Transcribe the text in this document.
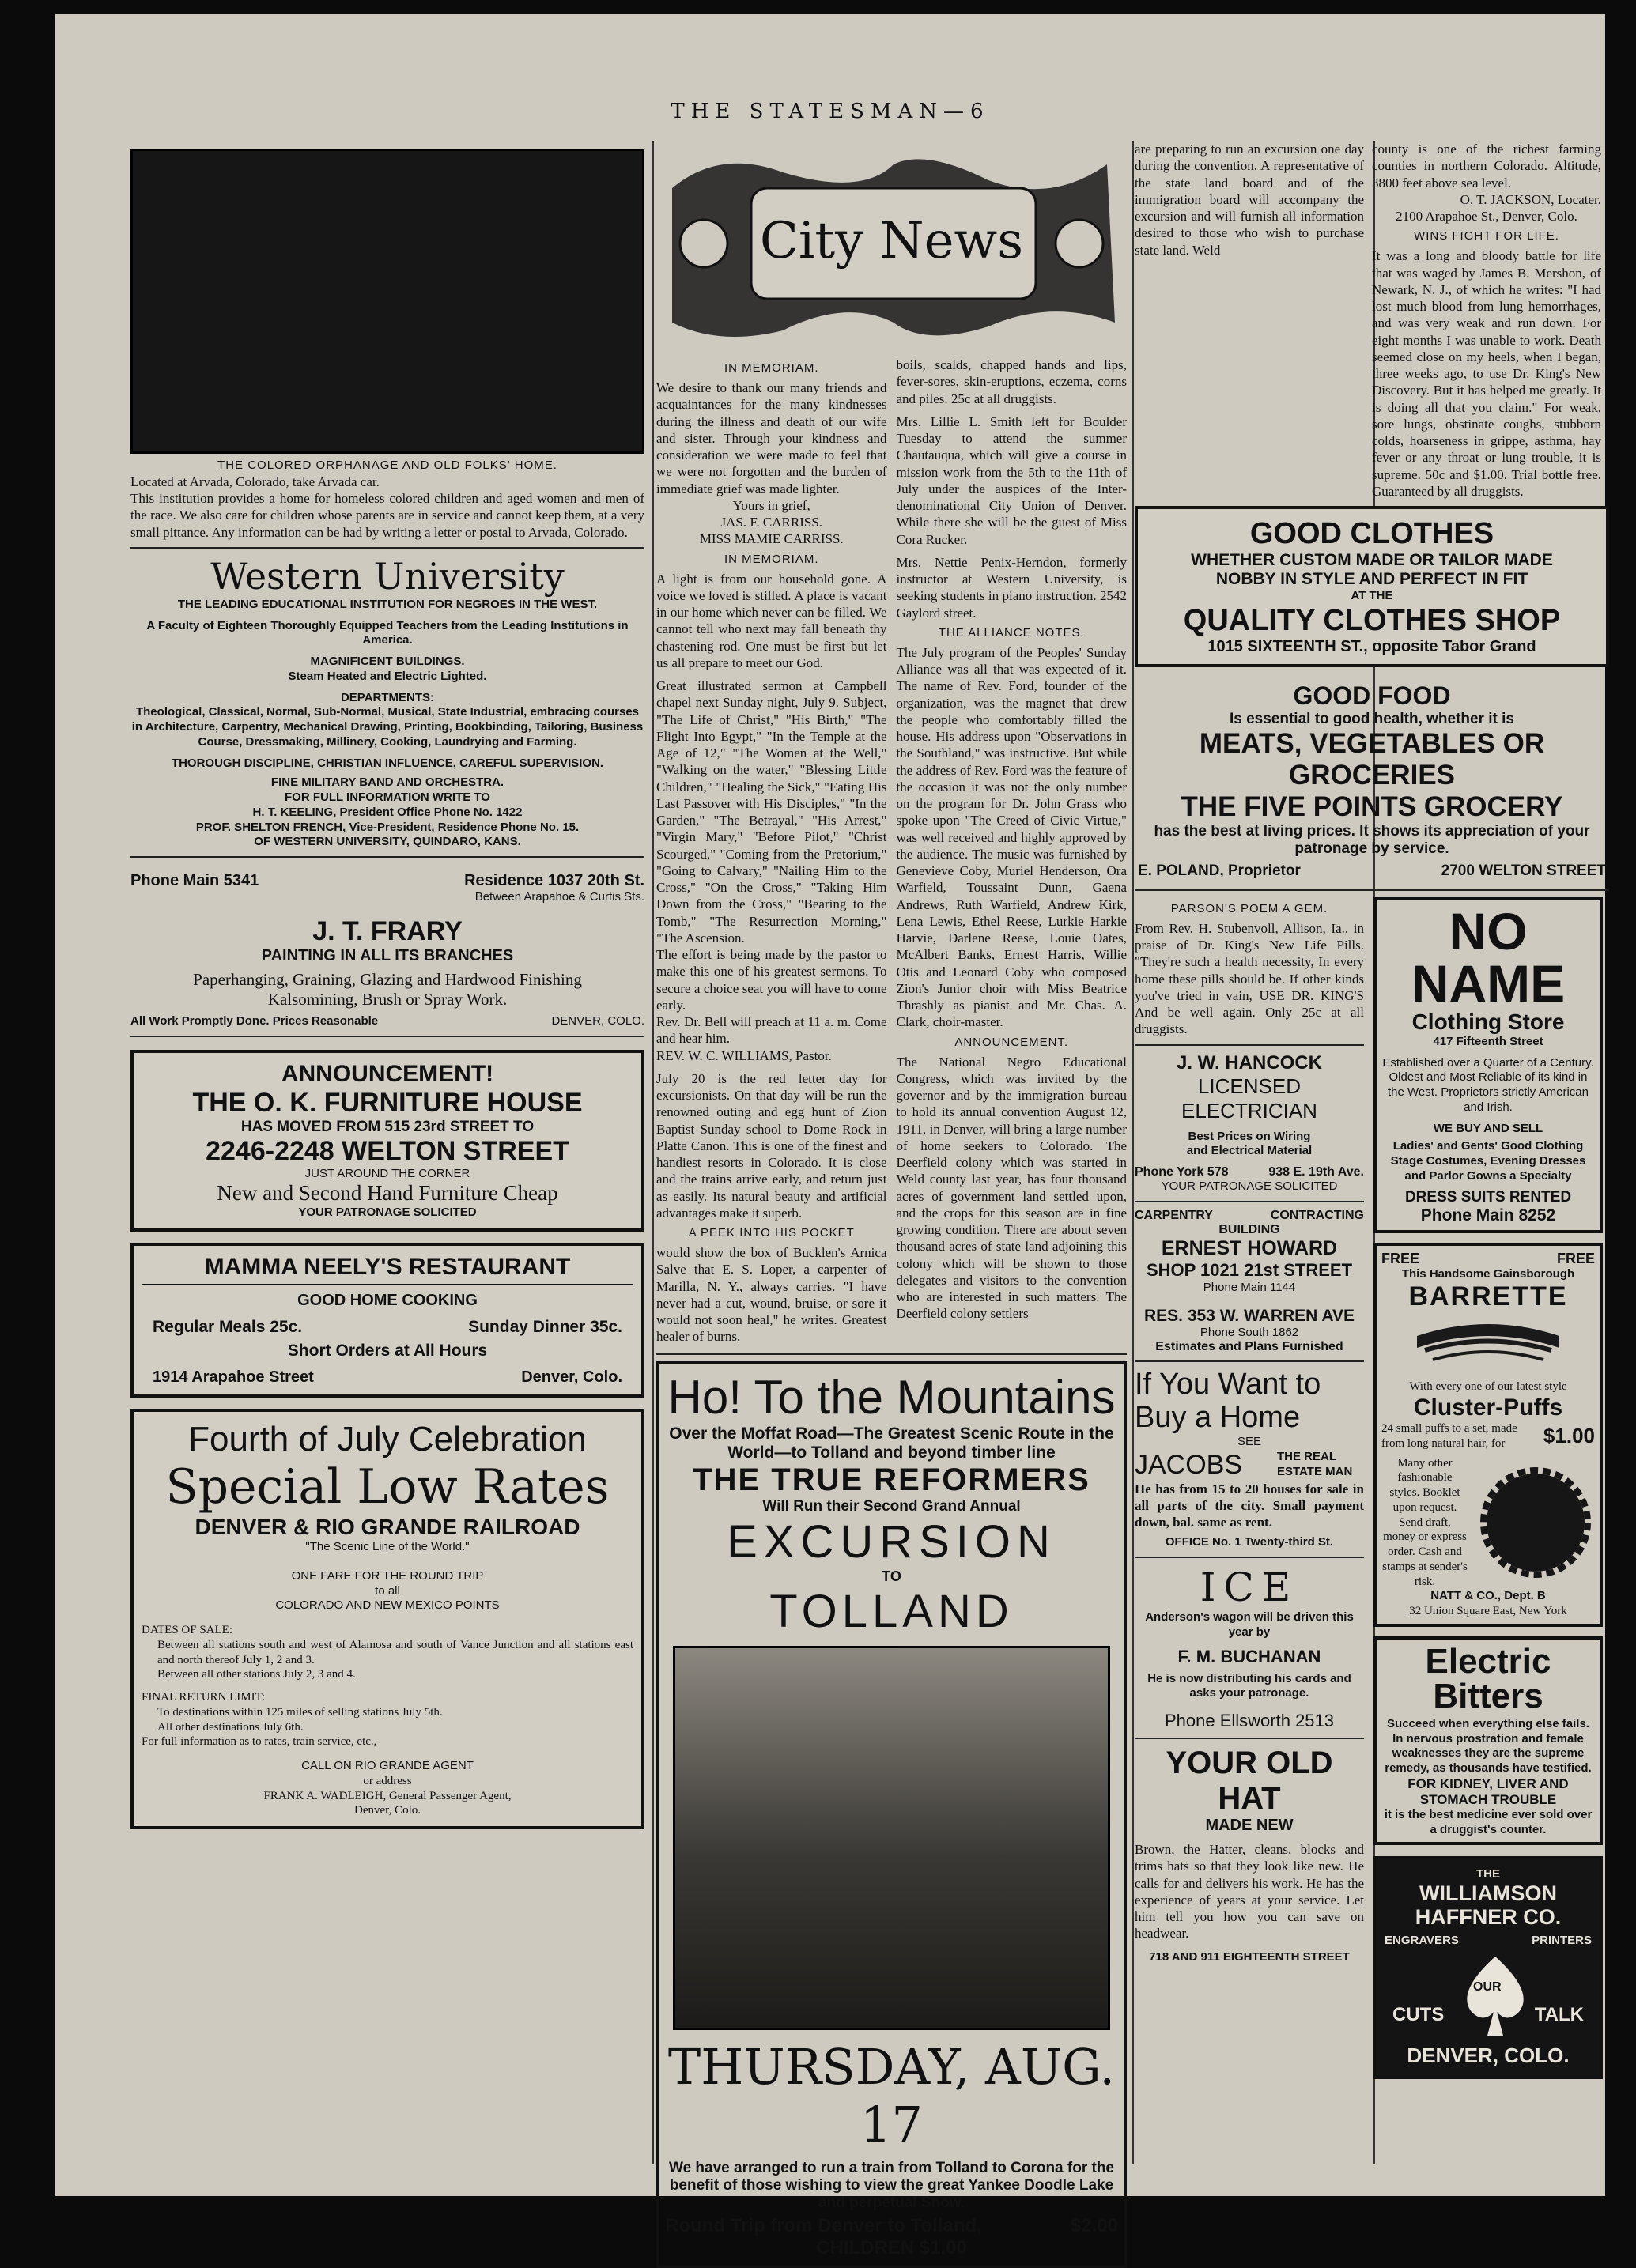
THE STATESMAN—6
THE COLORED ORPHANAGE AND OLD FOLKS' HOME.
Located at Arvada, Colorado, take Arvada car.
This institution provides a home for homeless colored children and aged women and men of the race. We also care for children whose parents are in service and cannot keep them, at a very small pittance. Any information can be had by writing a letter or postal to Arvada, Colorado.
Western University
THE LEADING EDUCATIONAL INSTITUTION FOR NEGROES IN THE WEST.
A Faculty of Eighteen Thoroughly Equipped Teachers from the Leading Institutions in America.
MAGNIFICENT BUILDINGS.
Steam Heated and Electric Lighted.
DEPARTMENTS:
Theological, Classical, Normal, Sub-Normal, Musical, State Industrial, embracing courses in Architecture, Carpentry, Mechanical Drawing, Printing, Bookbinding, Tailoring, Business Course, Dressmaking, Millinery, Cooking, Laundrying and Farming.
THOROUGH DISCIPLINE, CHRISTIAN INFLUENCE, CAREFUL SUPERVISION.
FINE MILITARY BAND AND ORCHESTRA.
FOR FULL INFORMATION WRITE TO
H. T. KEELING, President Office Phone No. 1422
PROF. SHELTON FRENCH, Vice-President, Residence Phone No. 15.
OF WESTERN UNIVERSITY, QUINDARO, KANS.
Phone Main 5341	Residence 1037 20th St.
Between Arapahoe & Curtis Sts.
J. T. FRARY
PAINTING IN ALL ITS BRANCHES
Paperhanging, Graining, Glazing and Hardwood Finishing
Kalsomining, Brush or Spray Work.
All Work Promptly Done. Prices Reasonable	DENVER, COLO.
ANNOUNCEMENT!
THE O. K. FURNITURE HOUSE
HAS MOVED FROM 515 23rd STREET TO
2246-2248 WELTON STREET
JUST AROUND THE CORNER
New and Second Hand Furniture Cheap
YOUR PATRONAGE SOLICITED
MAMMA NEELY'S RESTAURANT
GOOD HOME COOKING
Regular Meals 25c.	Sunday Dinner 35c.
Short Orders at All Hours
1914 Arapahoe Street	Denver, Colo.
Fourth of July Celebration
Special Low Rates
DENVER & RIO GRANDE RAILROAD
"The Scenic Line of the World."
ONE FARE FOR THE ROUND TRIP
to all
COLORADO AND NEW MEXICO POINTS
DATES OF SALE:
Between all stations south and west of Alamosa and south of Vance Junction and all stations east and north thereof July 1, 2 and 3.
Between all other stations July 2, 3 and 4.
FINAL RETURN LIMIT:
To destinations within 125 miles of selling stations July 5th.
All other destinations July 6th.
For full information as to rates, train service, etc.,
CALL ON RIO GRANDE AGENT
or address
FRANK A. WADLEIGH, General Passenger Agent,
Denver, Colo.
City News
IN MEMORIAM.
We desire to thank our many friends and acquaintances for the many kindnesses during the illness and death of our wife and sister. Through your kindness and consideration we were made to feel that we were not forgotten and the burden of immediate grief was made lighter.
Yours in grief,
JAS. F. CARRISS.
MISS MAMIE CARRISS.
IN MEMORIAM.
A light is from our household gone. A voice we loved is stilled. A place is vacant in our home which never can be filled. We cannot tell who next may fall beneath thy chastening rod. One must be first but let us all prepare to meet our God.
Great illustrated sermon at Campbell chapel next Sunday night, July 9. Subject, "The Life of Christ," "His Birth," "The Flight Into Egypt," "In the Temple at the Age of 12," "The Women at the Well," "Walking on the water," "Blessing Little Children," "Healing the Sick," "Eating His Last Passover with His Disciples," "In the Garden," "The Betrayal," "His Arrest," "Virgin Mary," "Before Pilot," "Christ Scourged," "Coming from the Pretorium," "Going to Calvary," "Nailing Him to the Cross," "On the Cross," "Taking Him Down from the Cross," "Bearing to the Tomb," "The Resurrection Morning," "The Ascension.
The effort is being made by the pastor to make this one of his greatest sermons. To secure a choice seat you will have to come early.
Rev. Dr. Bell will preach at 11 a. m. Come and hear him.
REV. W. C. WILLIAMS, Pastor.
July 20 is the red letter day for excursionists. On that day will be run the renowned outing and egg hunt of Zion Baptist Sunday school to Dome Rock in Platte Canon. This is one of the finest and handiest resorts in Colorado. It is close and the trains arrive early, and return just as easily. Its natural beauty and artificial advantages make it superb.
A PEEK INTO HIS POCKET
would show the box of Bucklen's Arnica Salve that E. S. Loper, a carpenter of Marilla, N. Y., always carries. "I have never had a cut, wound, bruise, or sore it would not soon heal," he writes. Greatest healer of burns,
boils, scalds, chapped hands and lips, fever-sores, skin-eruptions, eczema, corns and piles. 25c at all druggists.
Mrs. Lillie L. Smith left for Boulder Tuesday to attend the summer Chautauqua, which will give a course in mission work from the 5th to the 11th of July under the auspices of the Inter-denominational City Union of Denver. While there she will be the guest of Miss Cora Rucker.
Mrs. Nettie Penix-Herndon, formerly instructor at Western University, is seeking students in piano instruction. 2542 Gaylord street.
THE ALLIANCE NOTES.
The July program of the Peoples' Sunday Alliance was all that was expected of it. The name of Rev. Ford, founder of the organization, was the magnet that drew the people who comfortably filled the house. His address upon "Observations in the Southland," was instructive. But while the address of Rev. Ford was the feature of the occasion it was not the only number on the program for Dr. John Grass who spoke upon "The Creed of Civic Virtue," was well received and highly approved by the audience. The music was furnished by Genevieve Coby, Muriel Henderson, Ora Warfield, Toussaint Dunn, Gaena Andrews, Ruth Warfield, Andrew Kirk, Lena Lewis, Ethel Reese, Lurkie Harkie Harvie, Darlene Reese, Louie Oates, McAlbert Banks, Ernest Harris, Willie Otis and Leonard Coby who composed Zion's Junior choir with Miss Beatrice Thrashly as pianist and Mr. Chas. A. Clark, choir-master.
ANNOUNCEMENT.
The National Negro Educational Congress, which was invited by the governor and by the immigration bureau to hold its annual convention August 12, 1911, in Denver, will bring a large number of home seekers to Colorado. The Deerfield colony which was started in Weld county last year, has four thousand acres of government land settled upon, and the crops for this season are in fine growing condition. There are about seven thousand acres of state land adjoining this colony which will be shown to those delegates and visitors to the convention who are interested in such matters. The Deerfield colony settlers
Ho! To the Mountains
Over the Moffat Road—The Greatest Scenic Route in the World—to Tolland and beyond timber line
THE TRUE REFORMERS
Will Run their Second Grand Annual
EXCURSION
TO
TOLLAND
THURSDAY, AUG. 17
We have arranged to run a train from Tolland to Corona for the benefit of those wishing to view the great Yankee Doodle Lake and perpetual Snow.
Round Trip from Denver to Tolland,	$2.00
CHILDREN $1.00
are preparing to run an excursion one day during the convention. A representative of the state land board and of the immigration board will accompany the excursion and will furnish all information desired to those who wish to purchase state land. Weld
county is one of the richest farming counties in northern Colorado. Altitude, 3800 feet above sea level.
O. T. JACKSON, Locater.
2100 Arapahoe St., Denver, Colo.
WINS FIGHT FOR LIFE.
It was a long and bloody battle for life that was waged by James B. Mershon, of Newark, N. J., of which he writes: "I had lost much blood from lung hemorrhages, and was very weak and run down. For eight months I was unable to work. Death seemed close on my heels, when I began, three weeks ago, to use Dr. King's New Discovery. But it has helped me greatly. It is doing all that you claim." For weak, sore lungs, obstinate coughs, stubborn colds, hoarseness in grippe, asthma, hay fever or any throat or lung trouble, it is supreme. 50c and $1.00. Trial bottle free. Guaranteed by all druggists.
GOOD CLOTHES
WHETHER CUSTOM MADE OR TAILOR MADE
NOBBY IN STYLE AND PERFECT IN FIT
AT THE
QUALITY CLOTHES SHOP
1015 SIXTEENTH ST., opposite Tabor Grand
GOOD FOOD
Is essential to good health, whether it is
MEATS, VEGETABLES OR GROCERIES
THE FIVE POINTS GROCERY
has the best at living prices. It shows its appreciation of your patronage by service.
E. POLAND, Proprietor	2700 WELTON STREET
PARSON'S POEM A GEM.
From Rev. H. Stubenvoll, Allison, Ia., in praise of Dr. King's New Life Pills. "They're such a health necessity, In every home these pills should be. If other kinds you've tried in vain, USE DR. KING'S And be well again. Only 25c at all druggists.
J. W. HANCOCK
LICENSED ELECTRICIAN
Best Prices on Wiring
and Electrical Material
Phone York 578	938 E. 19th Ave.
YOUR PATRONAGE SOLICITED
CARPENTRY	CONTRACTING
BUILDING
ERNEST HOWARD
SHOP 1021 21st STREET
Phone Main 1144
RES. 353 W. WARREN AVE
Phone South 1862
Estimates and Plans Furnished
If You Want to Buy a Home
SEE
JACOBS	THE REAL ESTATE MAN
He has from 15 to 20 houses for sale in all parts of the city. Small payment down, bal. same as rent.
OFFICE No. 1 Twenty-third St.
ICE
Anderson's wagon will be driven this year by
F. M. BUCHANAN
He is now distributing his cards and asks your patronage.
Phone Ellsworth 2513
YOUR OLD HAT
MADE NEW
Brown, the Hatter, cleans, blocks and trims hats so that they look like new. He calls for and delivers his work. He has the experience of years at your service. Let him tell you how you can save on headwear.
718 AND 911 EIGHTEENTH STREET
NO NAME
Clothing Store
417 Fifteenth Street
Established over a Quarter of a Century. Oldest and Most Reliable of its kind in the West. Proprietors strictly American and Irish.
WE BUY AND SELL
Ladies' and Gents' Good Clothing Stage Costumes, Evening Dresses and Parlor Gowns a Specialty
DRESS SUITS RENTED
Phone Main 8252
FREE	FREE
This Handsome Gainsborough
BARRETTE
With every one of our latest style
Cluster-Puffs
24 small puffs to a set, made from long natural hair, for	$1.00
Many other fashionable styles. Booklet upon request. Send draft, money or express order. Cash and stamps at sender's risk.
NATT & CO., Dept. B
32 Union Square East, New York
Electric
Bitters
Succeed when everything else fails. In nervous prostration and female weaknesses they are the supreme remedy, as thousands have testified.
FOR KIDNEY, LIVER AND STOMACH TROUBLE
it is the best medicine ever sold over a druggist's counter.
THE
WILLIAMSON HAFFNER CO.
ENGRAVERS	PRINTERS
OUR
CUTS	TALK
DENVER, COLO.
